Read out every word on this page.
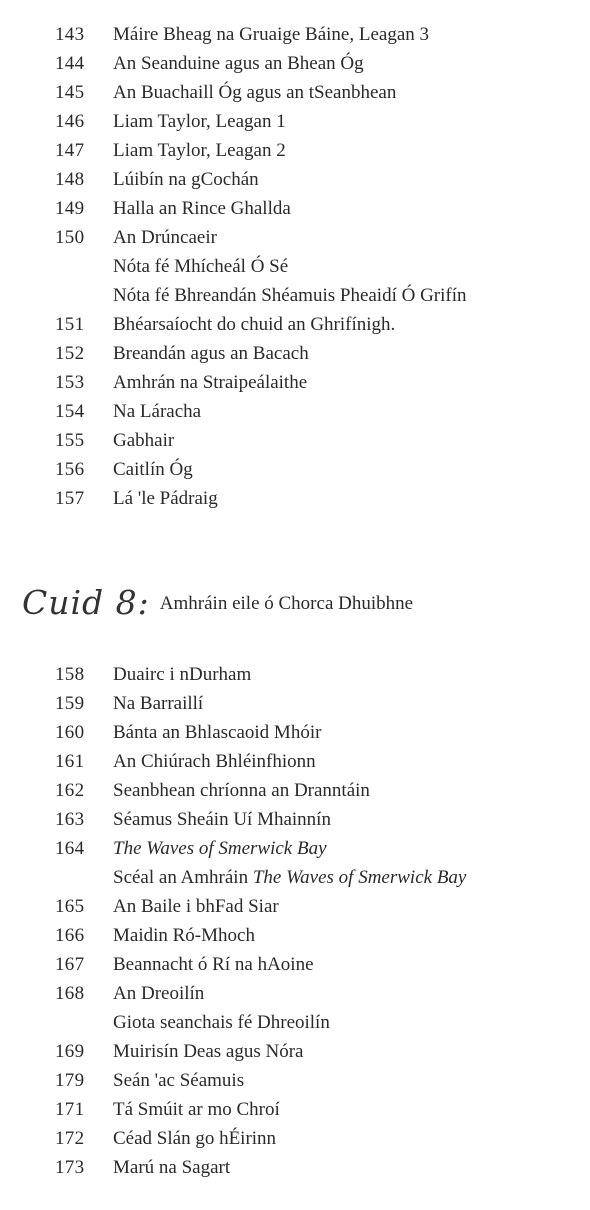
143	Máire Bheag na Gruaige Báine, Leagan 3
144	An Seanduine agus an Bhean Óg
145	An Buachaill Óg agus an tSeanbhean
146	Liam Taylor, Leagan 1
147	Liam Taylor, Leagan 2
148	Lúibín na gCochán
149	Halla an Rince Ghallda
150	An Drúncaeir
Nóta fé Mhícheál Ó Sé
Nóta fé Bhreandán Shéamuis Pheaidí Ó Grifín
151	Bhéarsaíocht do chuid an Ghrifínigh.
152	Breandán agus an Bacach
153	Amhrán na Straipeálaithe
154	Na Láracha
155	Gabhair
156	Caitlín Óg
157	Lá 'le Pádraig
Cuid 8: Amhráin eile ó Chorca Dhuibhne
158	Duairc i nDurham
159	Na Barraillí
160	Bánta an Bhlascaoid Mhóir
161	An Chiúrach Bhléinfhionn
162	Seanbhean chríonna an Dranntáin
163	Séamus Sheáin Uí Mhainnín
164	The Waves of Smerwick Bay
Scéal an Amhráin The Waves of Smerwick Bay
165	An Baile i bhFad Siar
166	Maidin Ró-Mhoch
167	Beannacht ó Rí na hAoine
168	An Dreoilín
Giota seanchais fé Dhreoilín
169	Muirisín Deas agus Nóra
179	Seán 'ac Séamuis
171	Tá Smúit ar mo Chroí
172	Céad Slán go hÉirinn
173	Marú na Sagart
